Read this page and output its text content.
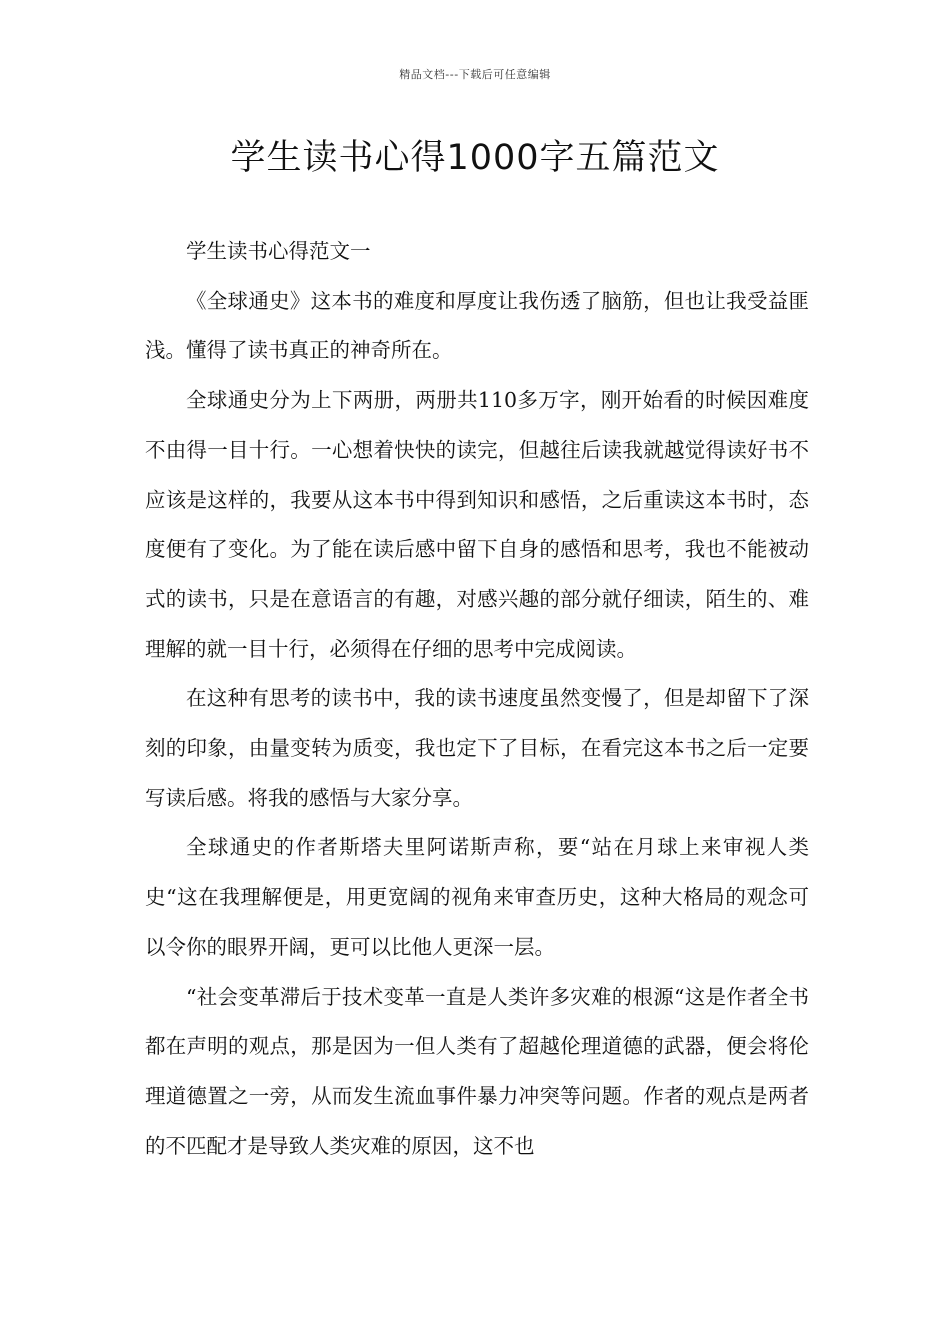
精品文档---下载后可任意编辑
学生读书心得1000字五篇范文

学生读书心得范文一

《全球通史》这本书的难度和厚度让我伤透了脑筋，但也让我受益匪浅。懂得了读书真正的神奇所在。

全球通史分为上下两册，两册共110多万字，刚开始看的时候因难度不由得一目十行。一心想着快快的读完，但越往后读我就越觉得读好书不应该是这样的，我要从这本书中得到知识和感悟，之后重读这本书时，态度便有了变化。为了能在读后感中留下自身的感悟和思考，我也不能被动式的读书，只是在意语言的有趣，对感兴趣的部分就仔细读，陌生的、难理解的就一目十行，必须得在仔细的思考中完成阅读。

在这种有思考的读书中，我的读书速度虽然变慢了，但是却留下了深刻的印象，由量变转为质变，我也定下了目标，在看完这本书之后一定要写读后感。将我的感悟与大家分享。

全球通史的作者斯塔夫里阿诺斯声称，要“站在月球上来审视人类史“这在我理解便是，用更宽阔的视角来审查历史，这种大格局的观念可以令你的眼界开阔，更可以比他人更深一层。

“社会变革滞后于技术变革一直是人类许多灾难的根源“这是作者全书都在声明的观点，那是因为一但人类有了超越伦理道德的武器，便会将伦理道德置之一旁，从而发生流血事件暴力冲突等问题。作者的观点是两者的不匹配才是导致人类灾难的原因，这不也
